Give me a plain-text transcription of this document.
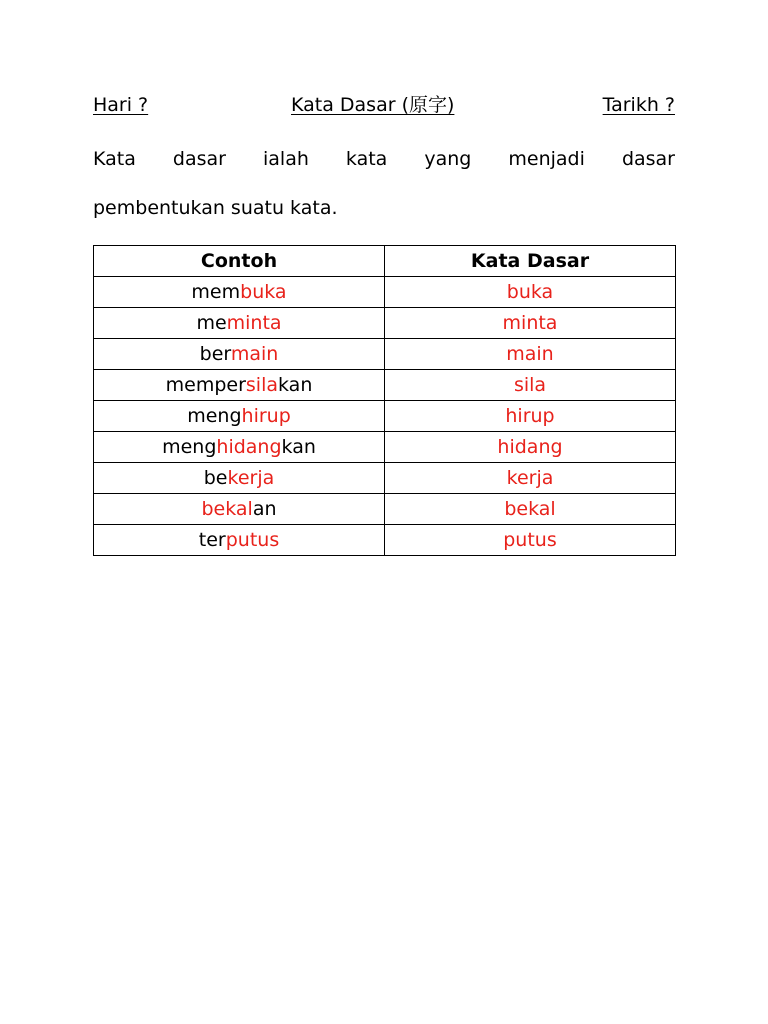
Hari ?	Kata Dasar (原字)	Tarikh ?
Kata dasar ialah kata yang menjadi dasar
pembentukan suatu kata.
Contoh	Kata Dasar
membuka	buka
meminta	minta
bermain	main
mempersilakan	sila
menghirup	hirup
menghidangkan	hidang
bekerja	kerja
bekalan	bekal
terputus	putus
